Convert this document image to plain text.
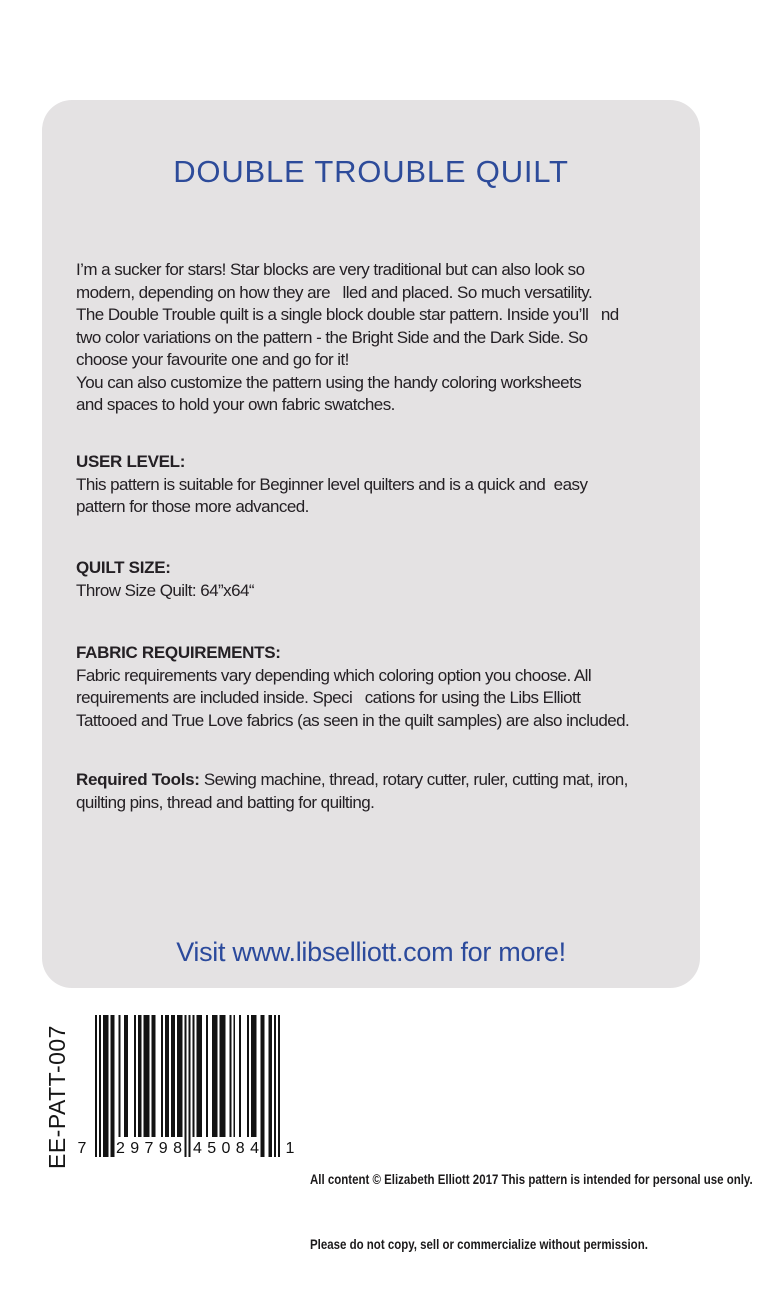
DOUBLE TROUBLE QUILT
I’m a sucker for stars! Star blocks are very traditional but can also look so
modern, depending on how they are   lled and placed. So much versatility.
The Double Trouble quilt is a single block double star pattern. Inside you’ll   nd
two color variations on the pattern - the Bright Side and the Dark Side. So
choose your favourite one and go for it!
You can also customize the pattern using the handy coloring worksheets
and spaces to hold your own fabric swatches.
USER LEVEL:
This pattern is suitable for Beginner level quilters and is a quick and  easy
pattern for those more advanced.
QUILT SIZE:
Throw Size Quilt: 64”x64“
FABRIC REQUIREMENTS:
Fabric requirements vary depending which coloring option you choose. All
requirements are included inside. Speci   cations for using the Libs Elliott
Tattooed and True Love fabrics (as seen in the quilt samples) are also included.
Required Tools: Sewing machine, thread, rotary cutter, ruler, cutting mat, iron,
quilting pins, thread and batting for quilting.
Visit www.libselliott.com for more!
EE-PATT-007 7	2 9 7 9 8 4 5 0 8 4 1

All content © Elizabeth Elliott 2017 This pattern is intended for personal use only.

Please do not copy, sell or commercialize without permission.
